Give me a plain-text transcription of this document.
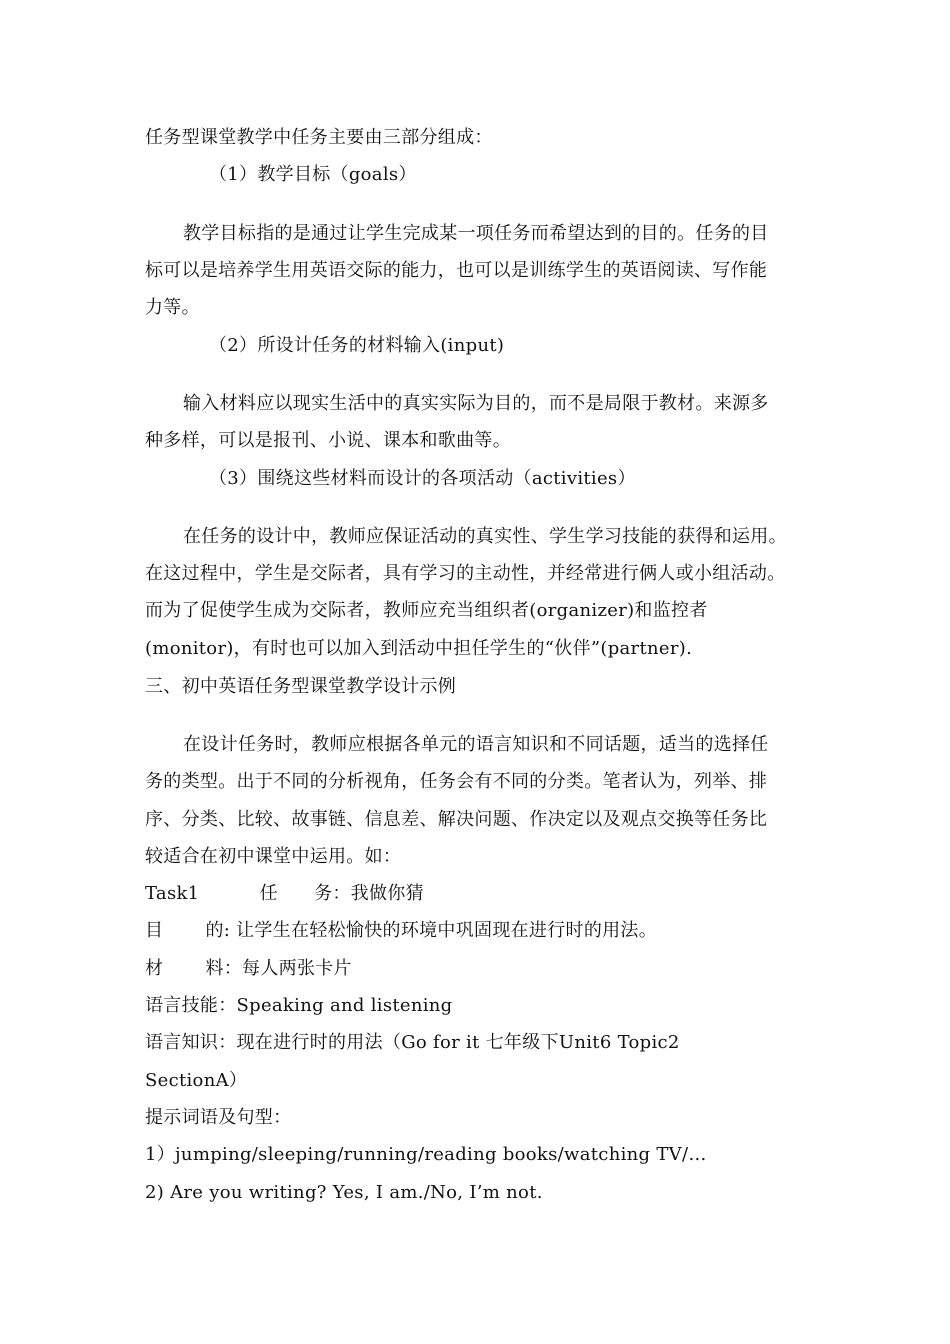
任务型课堂教学中任务主要由三部分组成：
（1）教学目标（goals）
教学目标指的是通过让学生完成某一项任务而希望达到的目的。任务的目
标可以是培养学生用英语交际的能力，也可以是训练学生的英语阅读、写作能
力等。
（2）所设计任务的材料输入(input)
输入材料应以现实生活中的真实实际为目的，而不是局限于教材。来源多
种多样，可以是报刊、小说、课本和歌曲等。
（3）围绕这些材料而设计的各项活动（activities）
在任务的设计中，教师应保证活动的真实性、学生学习技能的获得和运用。
在这过程中，学生是交际者，具有学习的主动性，并经常进行俩人或小组活动。
而为了促使学生成为交际者，教师应充当组织者(organizer)和监控者
(monitor)，有时也可以加入到活动中担任学生的“伙伴”(partner).
三、初中英语任务型课堂教学设计示例
在设计任务时，教师应根据各单元的语言知识和不同话题，适当的选择任
务的类型。出于不同的分析视角，任务会有不同的分类。笔者认为，列举、排
序、分类、比较、故事链、信息差、解决问题、作决定以及观点交换等任务比
较适合在初中课堂中运用。如：
Task1          任      务：我做你猜
目       的: 让学生在轻松愉快的环境中巩固现在进行时的用法。
材       料：每人两张卡片
语言技能：Speaking and listening
语言知识：现在进行时的用法（Go for it 七年级下Unit6 Topic2
SectionA）
提示词语及句型：
1）jumping/sleeping/running/reading books/watching TV/…
2) Are you writing? Yes, I am./No, I’m not.
